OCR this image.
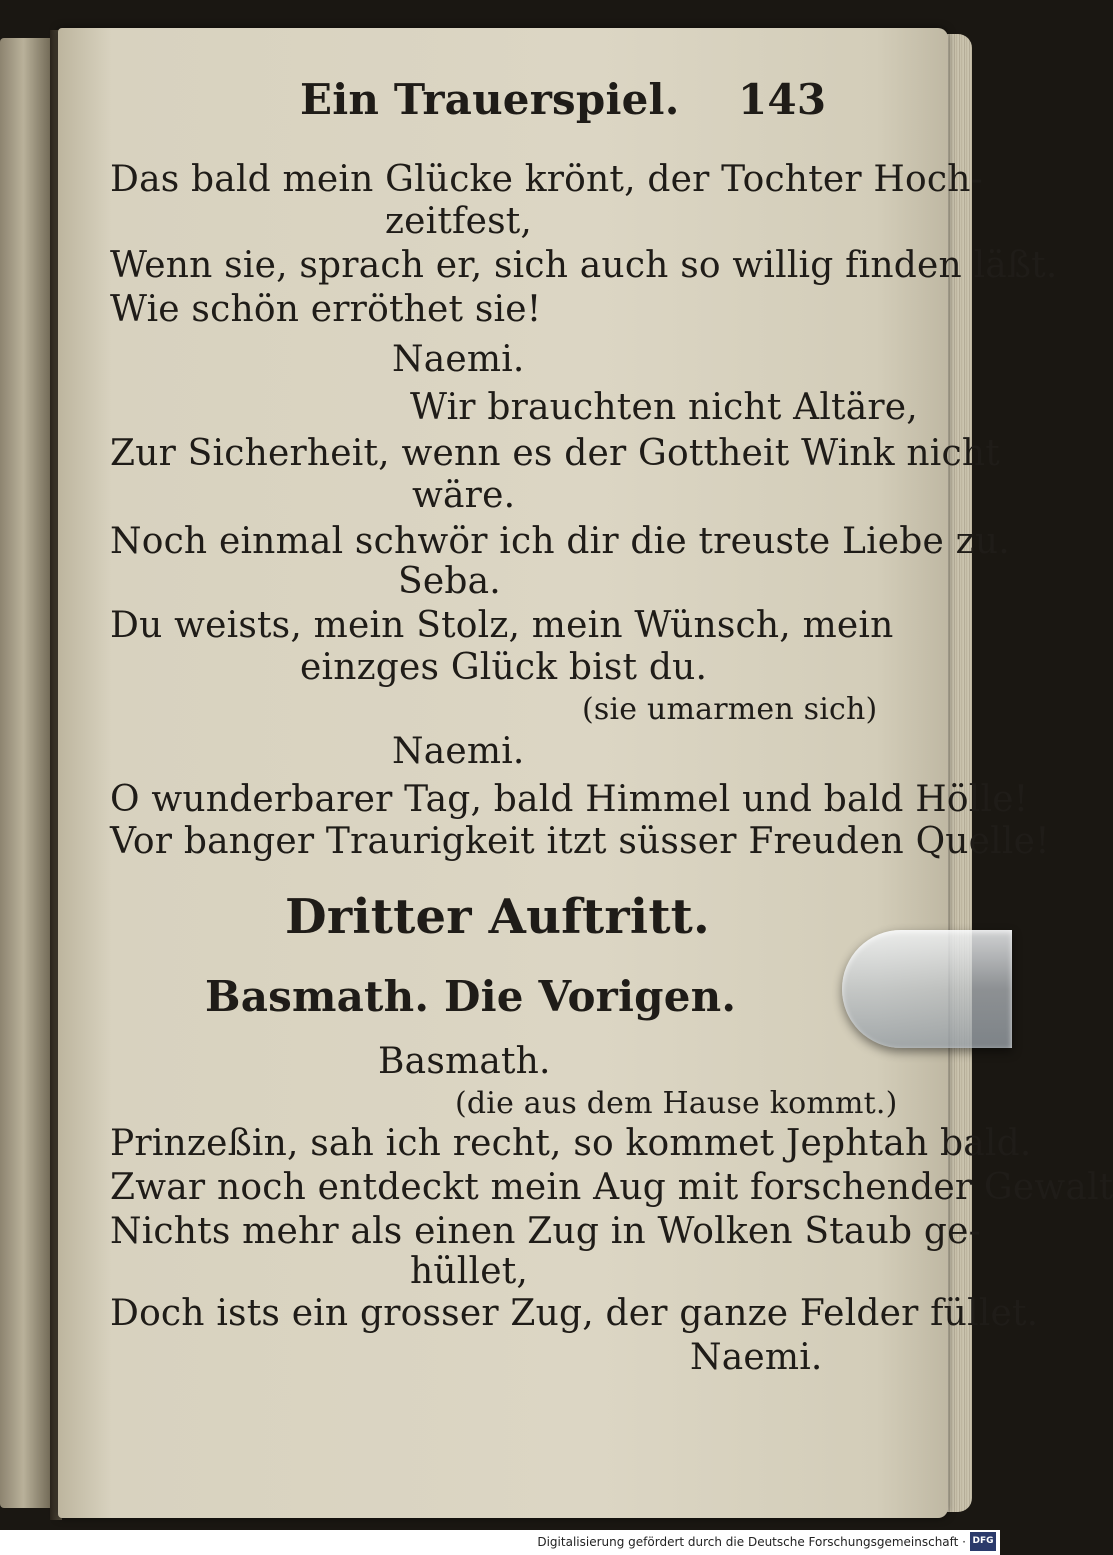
Ein Trauerspiel. 143
Das bald mein Glücke krönt, der Tochter Hoch-
zeitfest,
Wenn sie, sprach er, sich auch so willig finden läßt.
Wie schön erröthet sie!
Naemi.
Wir brauchten nicht Altäre,
Zur Sicherheit, wenn es der Gottheit Wink nicht
wäre.
Noch einmal schwör ich dir die treuste Liebe zu.
Seba.
Du weists, mein Stolz, mein Wünsch, mein
einzges Glück bist du.
(sie umarmen sich)
Naemi.
O wunderbarer Tag, bald Himmel und bald Hölle!
Vor banger Traurigkeit itzt süsser Freuden Quelle!
Dritter Auftritt.
Basmath. Die Vorigen.
Basmath.
(die aus dem Hause kommt.)
Prinzeßin, sah ich recht, so kommet Jephtah bald.
Zwar noch entdeckt mein Aug mit forschender Gewalt
Nichts mehr als einen Zug in Wolken Staub ge-
hüllet,
Doch ists ein grosser Zug, der ganze Felder füllet.
Naemi.
Digitalisierung gefördert durch die Deutsche Forschungsgemeinschaft · DFG
